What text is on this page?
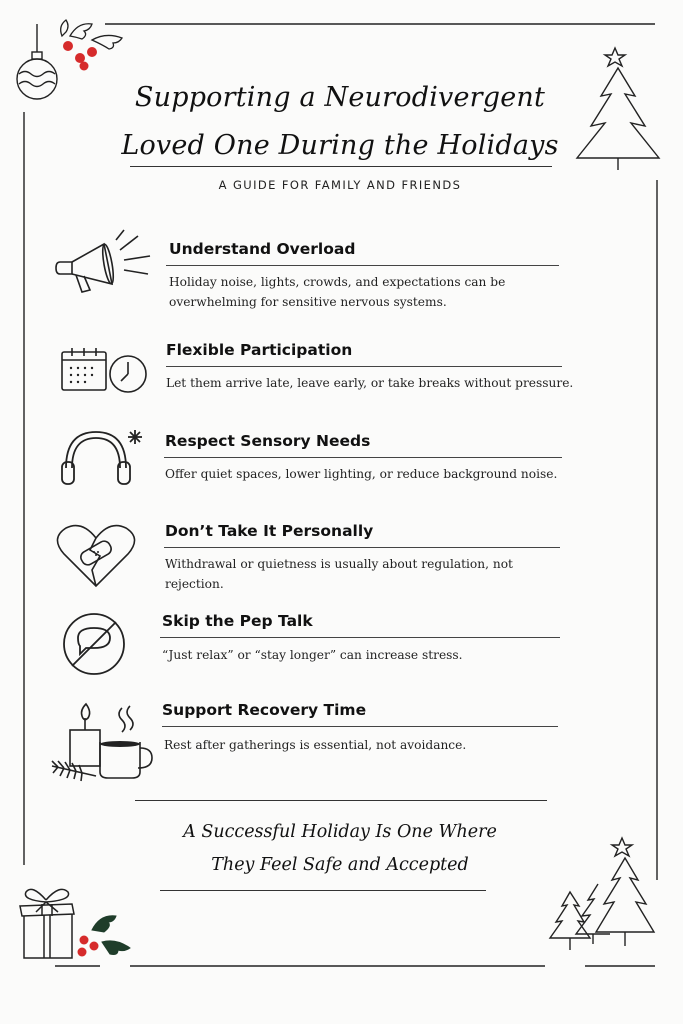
Supporting a Neurodivergent
Loved One During the Holidays
A GUIDE FOR FAMILY AND FRIENDS
Understand Overload
Holiday noise, lights, crowds, and expectations can be
overwhelming for sensitive nervous systems.
Flexible Participation
Let them arrive late, leave early, or take breaks without pressure.
Respect Sensory Needs
Offer quiet spaces, lower lighting, or reduce background noise.
Don’t Take It Personally
Withdrawal or quietness is usually about regulation, not rejection.
Skip the Pep Talk
“Just relax” or “stay longer” can increase stress.
Support Recovery Time
Rest after gatherings is essential, not avoidance.
A Successful Holiday Is One Where
They Feel Safe and Accepted
